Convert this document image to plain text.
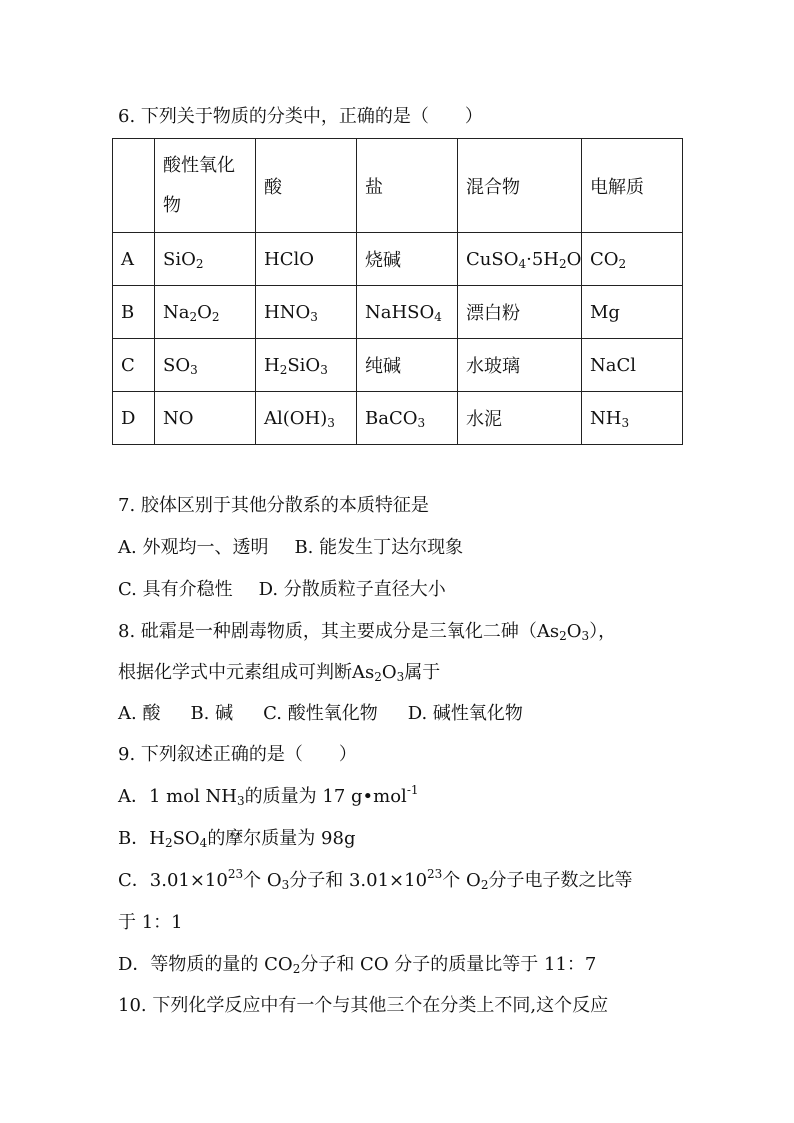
6. 下列关于物质的分类中，正确的是（　　）

	酸性氧化物	酸	盐	混合物	电解质
A	SiO$_2$	HClO	烧碱	$CuSO_4\cdot 5H_2O$	$CO_2$
B	$Na_2O_2$	$HNO_3$	NaHSO$_4$	漂白粉	Mg
C	$SO_3$	$H_2SiO_3$	纯碱	水玻璃	NaCl
D	NO	$Al(OH)_3$	BaCO$_3$	水泥	$NH_3$
7. 胶体区别于其他分散系的本质特征是
A. 外观均一、透明 B. 能发生丁达尔现象
C. 具有介稳性 D. 分散质粒子直径大小
8. 砒霜是一种剧毒物质，其主要成分是三氧化二砷$(As_2O_3)$，
根据化学式中元素组成可判断$As_2O_3$属于
A. 酸 B. 碱 C. 酸性氧化物 D. 碱性氧化物
9. 下列叙述正确的是（　　）
A．1 mol $NH_3$的质量为 17 g•mol$^{-1}$
B．$H_2SO_4$的摩尔质量为 98g
C．$3.01\times 10^{23}$个 $O_3$分子和 $3.01\times 10^{23}$个 $O_2$分子电子数之比等
于 1：1
D．等物质的量的 $CO_2$分子和 CO 分子的质量比等于 11：7
10. 下列化学反应中有一个与其他三个在分类上不同,这个反应
